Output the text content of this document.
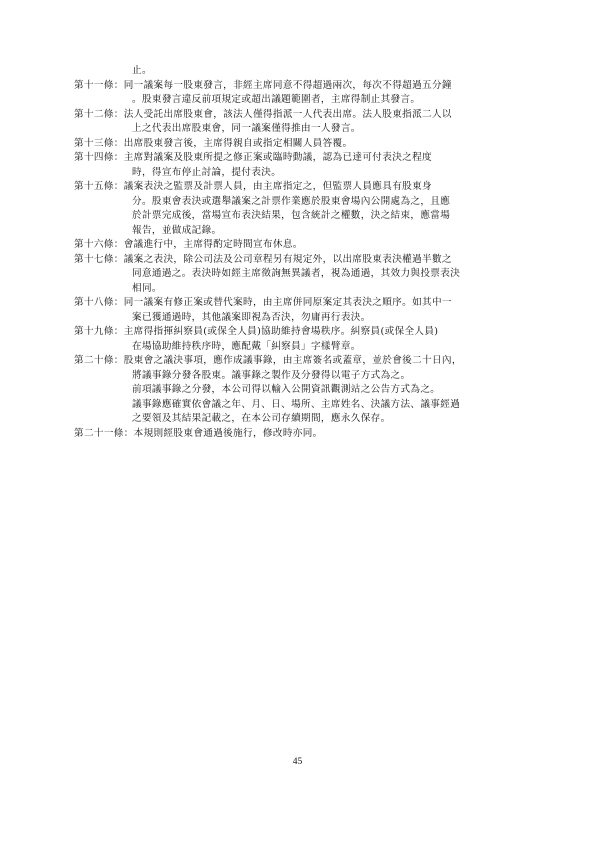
止。
第十一條：同一議案每一股東發言，非經主席同意不得超過兩次，每次不得超過五分鐘
。股東發言違反前項規定或超出議題範圍者，主席得制止其發言。
第十二條：法人受託出席股東會，該法人僅得指派一人代表出席。法人股東指派二人以
上之代表出席股東會，同一議案僅得推由一人發言。
第十三條：出席股東發言後，主席得親自或指定相關人員答覆。
第十四條：主席對議案及股東所提之修正案或臨時動議，認為已達可付表決之程度
時，得宣布停止討論，提付表決。
第十五條：議案表決之監票及計票人員，由主席指定之，但監票人員應具有股東身
分。股東會表決或選舉議案之計票作業應於股東會場內公開處為之，且應
於計票完成後，當場宣布表決結果，包含統計之權數，決之結束，應當場
報告，並做成記錄。
第十六條：會議進行中，主席得酌定時間宣布休息。
第十七條：議案之表決，除公司法及公司章程另有規定外，以出席股東表決權過半數之
同意通過之。表決時如經主席徵詢無異議者，視為通過，其效力與投票表決
相同。
第十八條：同一議案有修正案或替代案時，由主席併同原案定其表決之順序。如其中一
案已獲通過時，其他議案即視為否決，勿庸再行表決。
第十九條：主席得指揮糾察員(或保全人員)協助維持會場秩序。糾察員(或保全人員)
在場協助維持秩序時，應配戴「糾察員」字樣臂章。
第二十條：股東會之議決事項，應作成議事錄，由主席簽名或蓋章，並於會後二十日內，
將議事錄分發各股東。議事錄之製作及分發得以電子方式為之。
前項議事錄之分發，本公司得以輸入公開資訊觀測站之公告方式為之。
議事錄應確實依會議之年、月、日、場所、主席姓名、決議方法、議事經過
之要領及其結果記載之，在本公司存續期間，應永久保存。
第二十一條：本規則經股東會通過後施行，修改時亦同。
45
